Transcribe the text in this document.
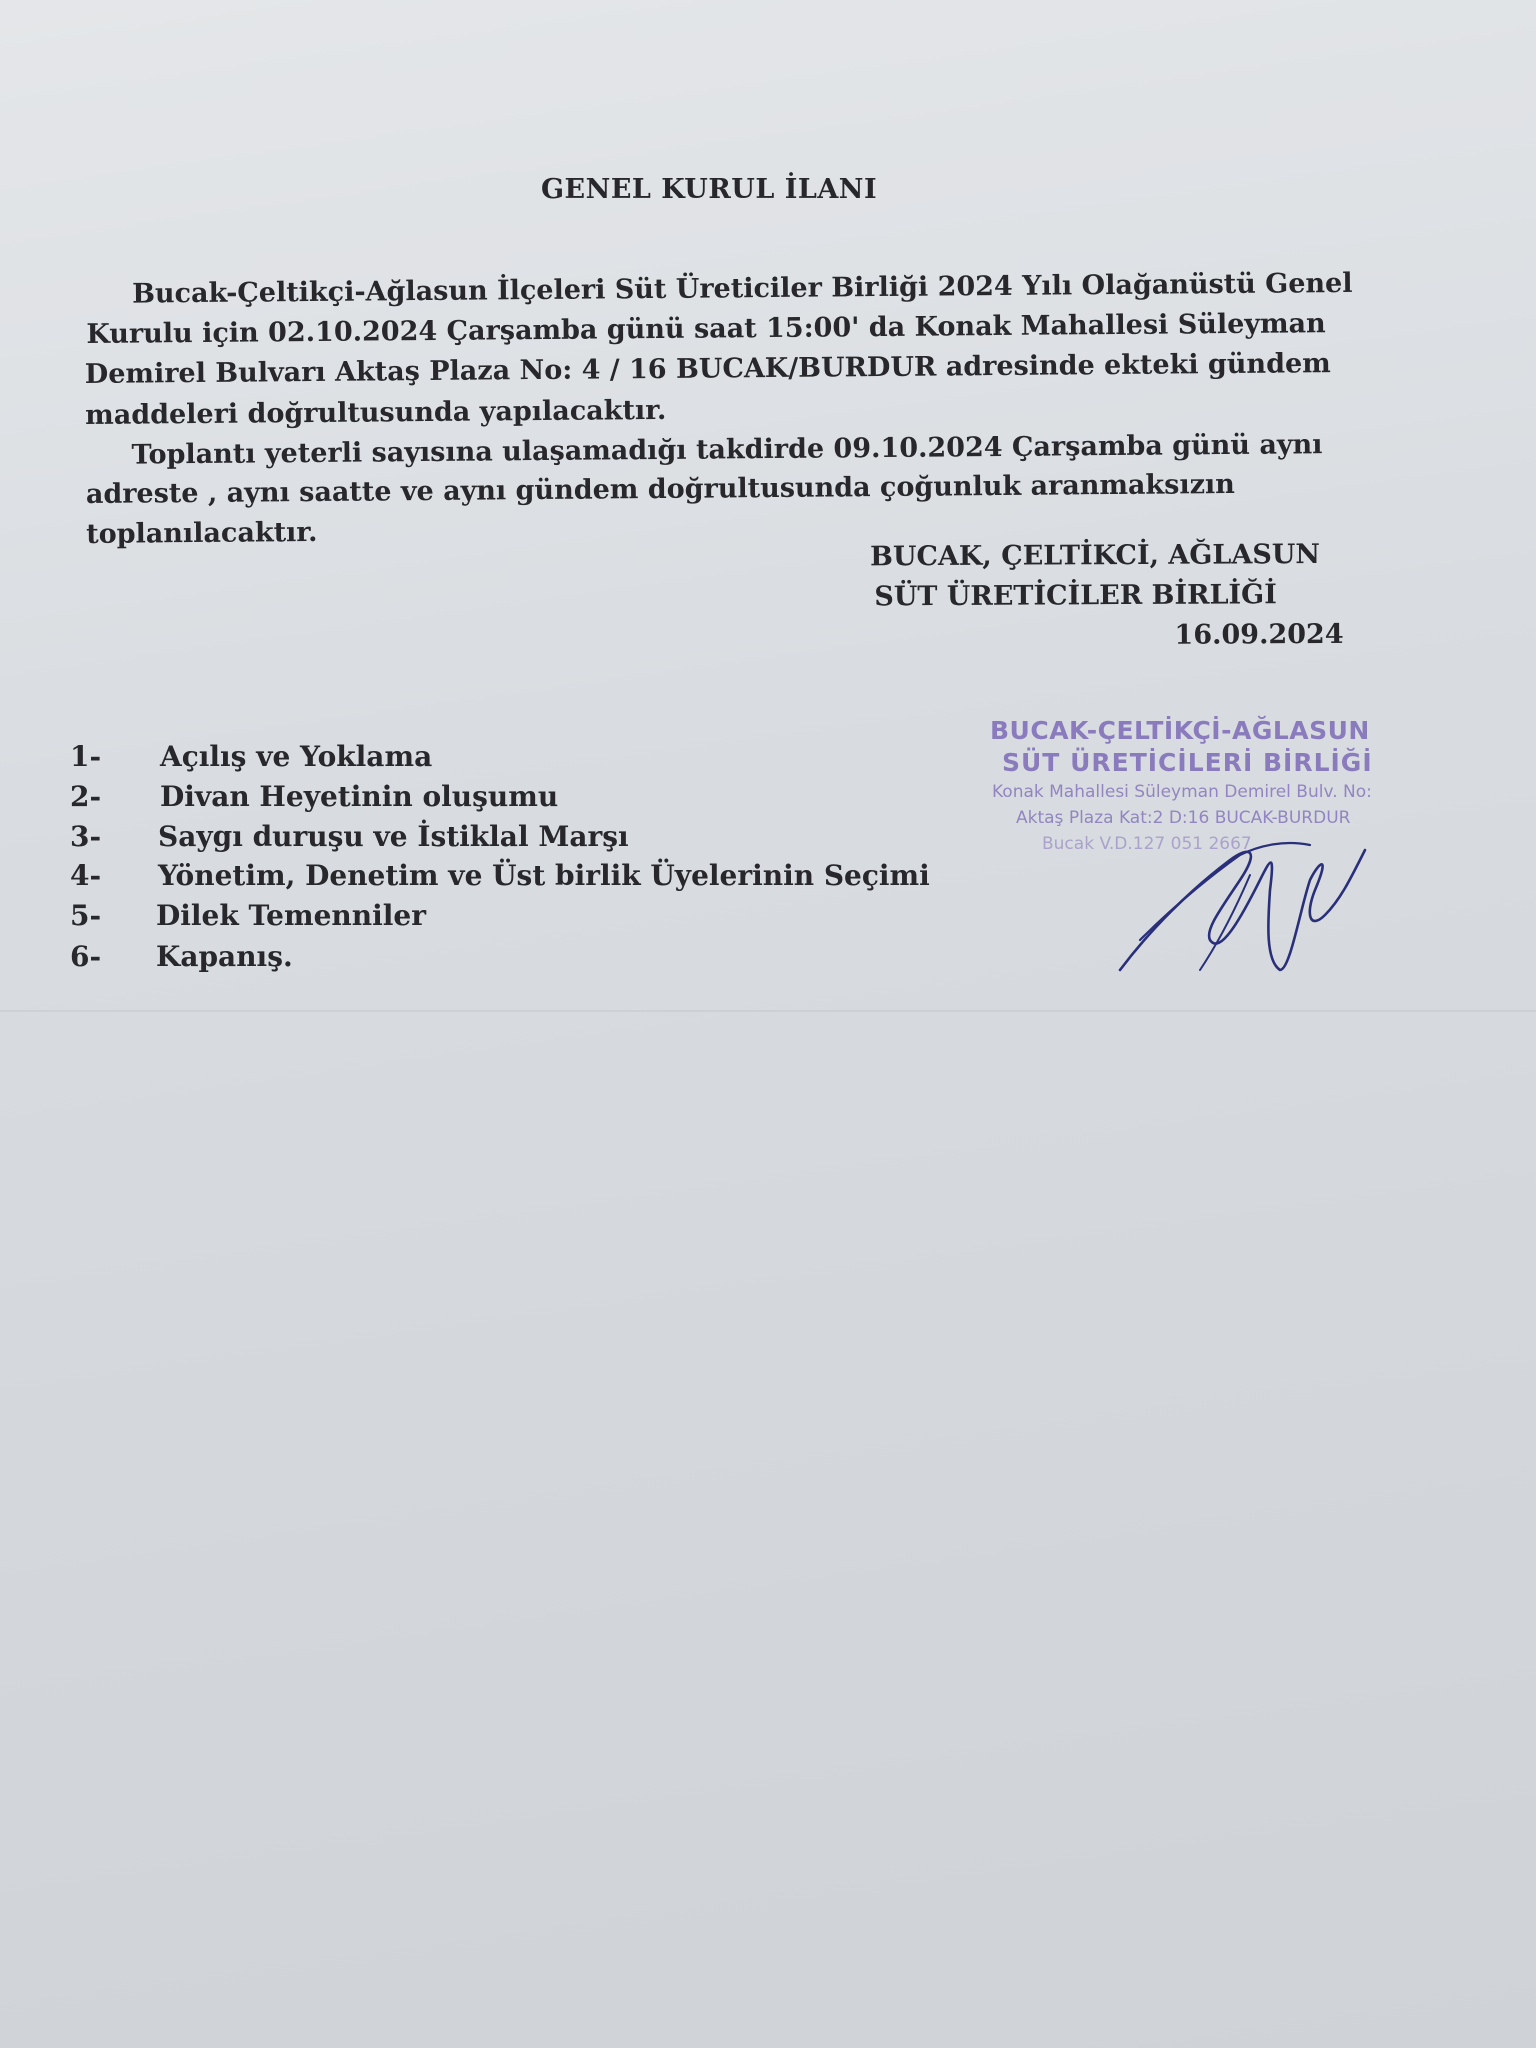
GENEL KURUL İLANI
Bucak-Çeltikçi-Ağlasun İlçeleri Süt Üreticiler Birliği 2024 Yılı Olağanüstü Genel
Kurulu için 02.10.2024 Çarşamba günü saat 15:00' da Konak Mahallesi Süleyman
Demirel Bulvarı Aktaş Plaza No: 4 / 16 BUCAK/BURDUR adresinde ekteki gündem
maddeleri doğrultusunda yapılacaktır.
Toplantı yeterli sayısına ulaşamadığı takdirde 09.10.2024 Çarşamba günü aynı
adreste , aynı saatte ve aynı gündem doğrultusunda çoğunluk aranmaksızın
toplanılacaktır.
BUCAK, ÇELTİKCİ, AĞLASUN
SÜT ÜRETİCİLER BİRLİĞİ
16.09.2024
1-	Açılış ve Yoklama
2-	Divan Heyetinin oluşumu
3-	Saygı duruşu ve İstiklal Marşı
4-	Yönetim, Denetim ve Üst birlik Üyelerinin Seçimi
5-	Dilek Temenniler
6-	Kapanış.
BUCAK-ÇELTİKÇİ-AĞLASUN
SÜT ÜRETİCİLERİ BİRLİĞİ
Konak Mahallesi Süleyman Demirel Bulv. No:
Aktaş Plaza Kat:2 D:16 BUCAK-BURDUR
Bucak V.D.127 051 2667
